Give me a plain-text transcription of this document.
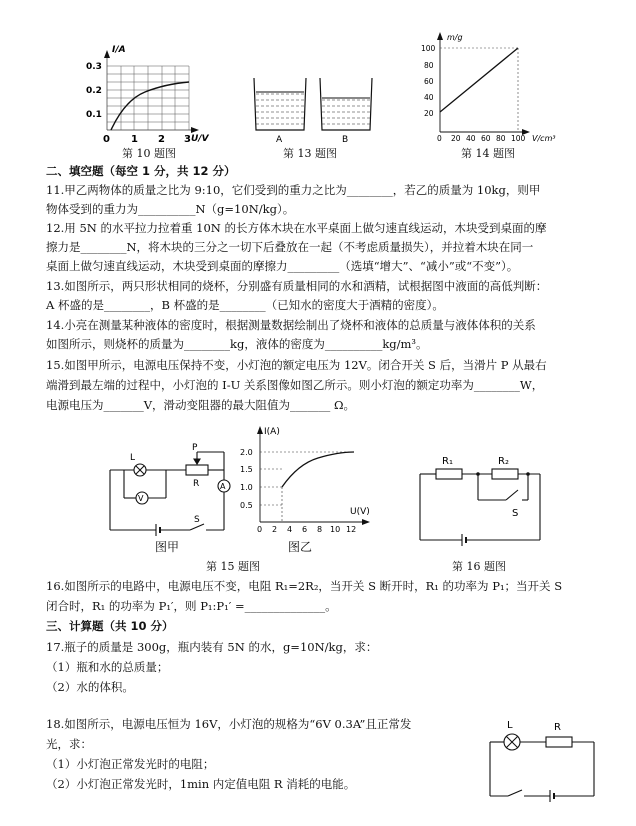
I/A
0.3
0.2
0.1
0 1 2 3 U/V
第 10 题图
A	B
第 13 题图
m/g
100
80
60
40
20
0 20 40 60 80 100 V/cm³
第 14 题图
二、填空题（每空 1 分，共 12 分）
11.甲乙两物体的质量之比为 9:10，它们受到的重力之比为________，若乙的质量为 10kg，则甲
物体受到的重力为__________N（g=10N/kg）。
12.用 5N 的水平拉力拉着重 10N 的长方体木块在水平桌面上做匀速直线运动，木块受到桌面的摩
擦力是________N，将木块的三分之一切下后叠放在一起（不考虑质量损失），并拉着木块在同一
桌面上做匀速直线运动，木块受到桌面的摩擦力_________（选填“增大”、“减小”或“不变”）。
13.如图所示，两只形状相同的烧杯，分别盛有质量相同的水和酒精，试根据图中液面的高低判断：
A 杯盛的是________，B 杯盛的是________（已知水的密度大于酒精的密度）。
14.小亮在测量某种液体的密度时，根据测量数据绘制出了烧杯和液体的总质量与液体体积的关系
如图所示，则烧杯的质量为________kg，液体的密度为__________kg/m³。
15.如图甲所示，电源电压保持不变，小灯泡的额定电压为 12V。闭合开关 S 后，当滑片 P 从最右
端滑到最左端的过程中，小灯泡的 I-U 关系图像如图乙所示。则小灯泡的额定功率为________W，
电源电压为_______V，滑动变阻器的最大阻值为_______ Ω。
L
P
R	A
V
S
图甲
I(A)
2.0
1.5
1.0
0.5
0 2 4 6 8 10 12
U(V)
图乙
第 15 题图
R₁	R₂
S
第 16 题图
16.如图所示的电路中，电源电压不变，电阻 R₁=2R₂，当开关 S 断开时，R₁ 的功率为 P₁；当开关 S
闭合时，R₁ 的功率为 P₁′，则 P₁:P₁′ =______________。
三、计算题（共 10 分）
17.瓶子的质量是 300g，瓶内装有 5N 的水，g=10N/kg，求：
（1）瓶和水的总质量；
（2）水的体积。
18.如图所示，电源电压恒为 16V，小灯泡的规格为“6V 0.3A”且正常发
光，求：
（1）小灯泡正常发光时的电阻；
（2）小灯泡正常发光时，1min 内定值电阻 R 消耗的电能。
L	R
